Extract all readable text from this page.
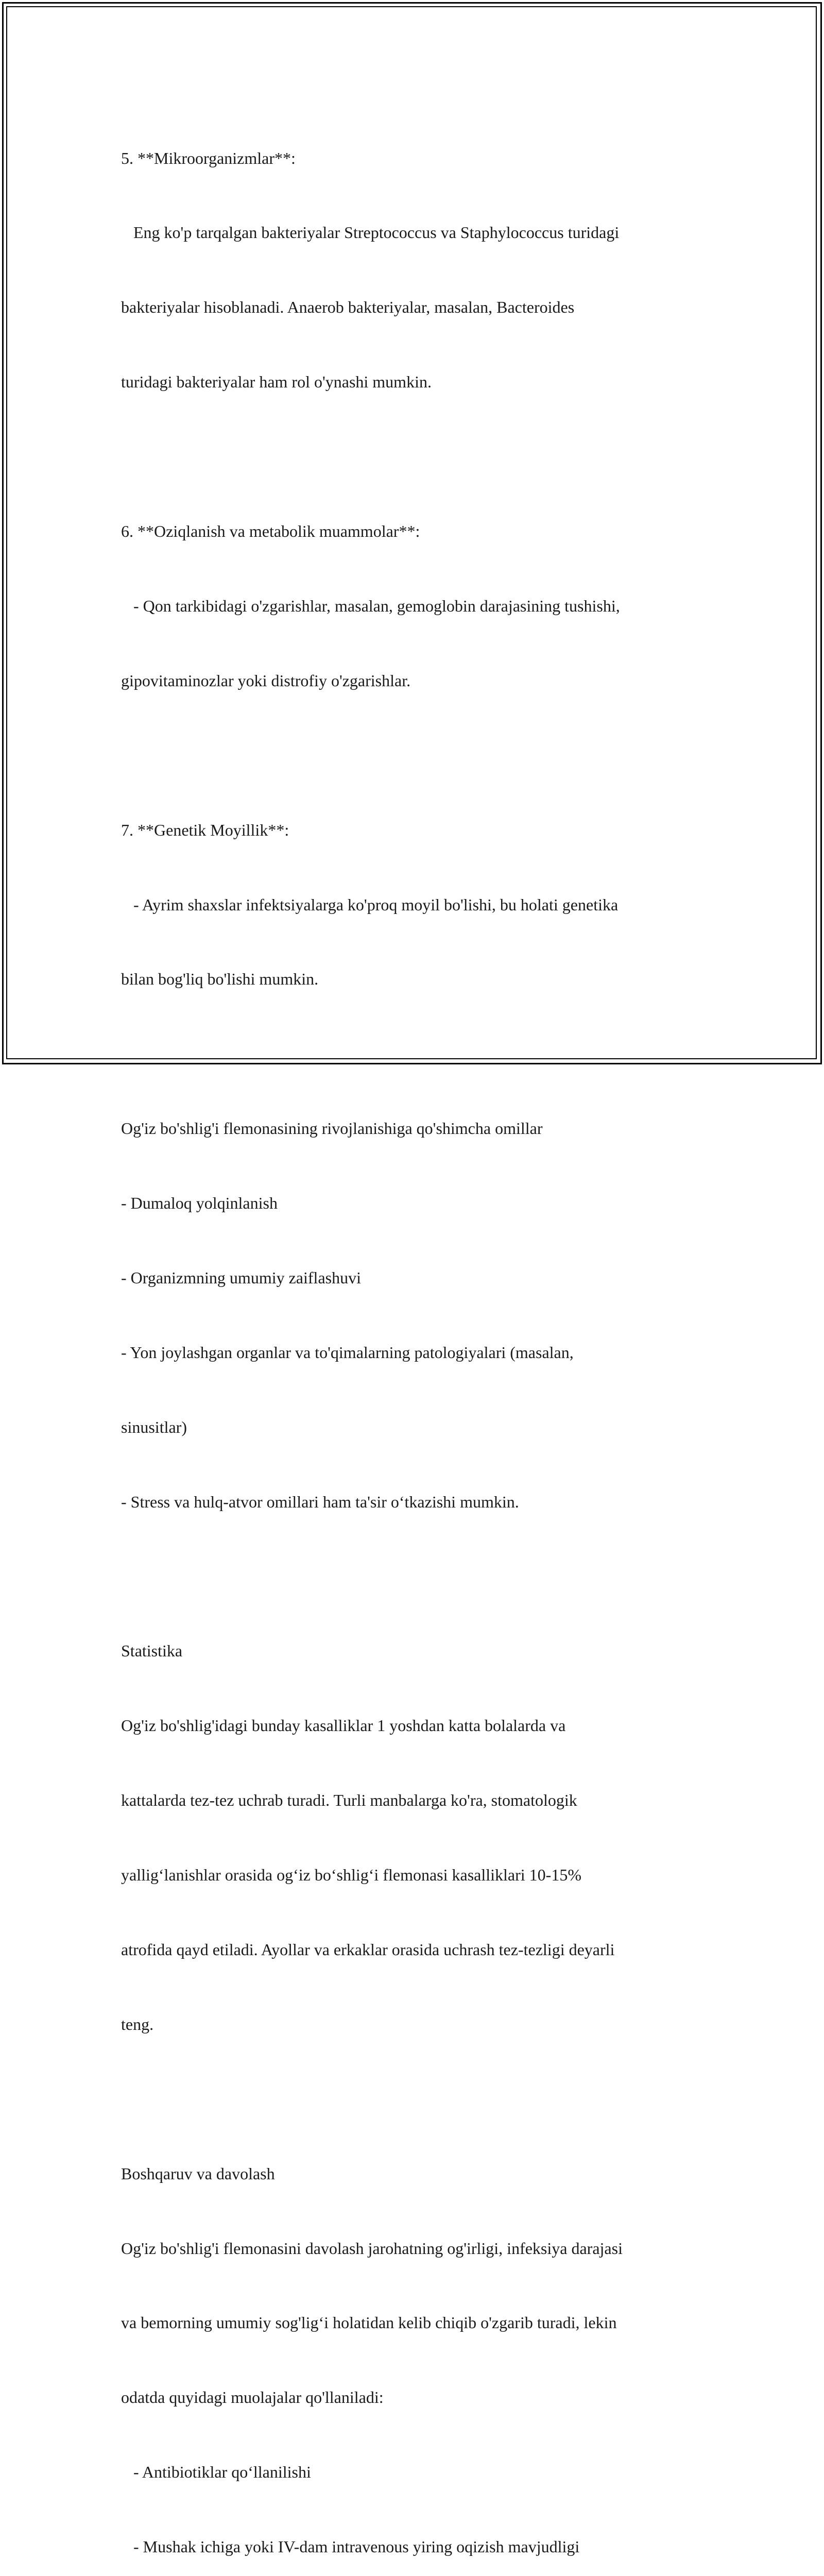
5. **Mikroorganizmlar**:

Eng ko'p tarqalgan bakteriyalar Streptococcus va Staphylococcus turidagi

bakteriyalar hisoblanadi. Anaerob bakteriyalar, masalan, Bacteroides

turidagi bakteriyalar ham rol o'ynashi mumkin.

6. **Oziqlanish va metabolik muammolar**:

- Qon tarkibidagi o'zgarishlar, masalan, gemoglobin darajasining tushishi,

gipovitaminozlar yoki distrofiy o'zgarishlar.

7. **Genetik Moyillik**:

- Ayrim shaxslar infektsiyalarga ko'proq moyil bo'lishi, bu holati genetika

bilan bog'liq bo'lishi mumkin.

Og'iz bo'shlig'i flemonasining rivojlanishiga qo'shimcha omillar

- Dumaloq yolqinlanish

- Organizmning umumiy zaiflashuvi

- Yon joylashgan organlar va to'qimalarning patologiyalari (masalan,

sinusitlar)

- Stress va hulq-atvor omillari ham ta'sir o‘tkazishi mumkin.

Statistika

Og'iz bo'shlig'idagi bunday kasalliklar 1 yoshdan katta bolalarda va

kattalarda tez-tez uchrab turadi. Turli manbalarga ko'ra, stomatologik

yallig‘lanishlar orasida og‘iz bo‘shlig‘i flemonasi kasalliklari 10-15%

atrofida qayd etiladi. Ayollar va erkaklar orasida uchrash tez-tezligi deyarli

teng.

Boshqaruv va davolash

Og'iz bo'shlig'i flemonasini davolash jarohatning og'irligi, infeksiya darajasi

va bemorning umumiy sog'lig‘i holatidan kelib chiqib o'zgarib turadi, lekin

odatda quyidagi muolajalar qo'llaniladi:

- Antibiotiklar qo‘llanilishi

- Mushak ichiga yoki IV-dam intravenous yiring oqizish mavjudligi
